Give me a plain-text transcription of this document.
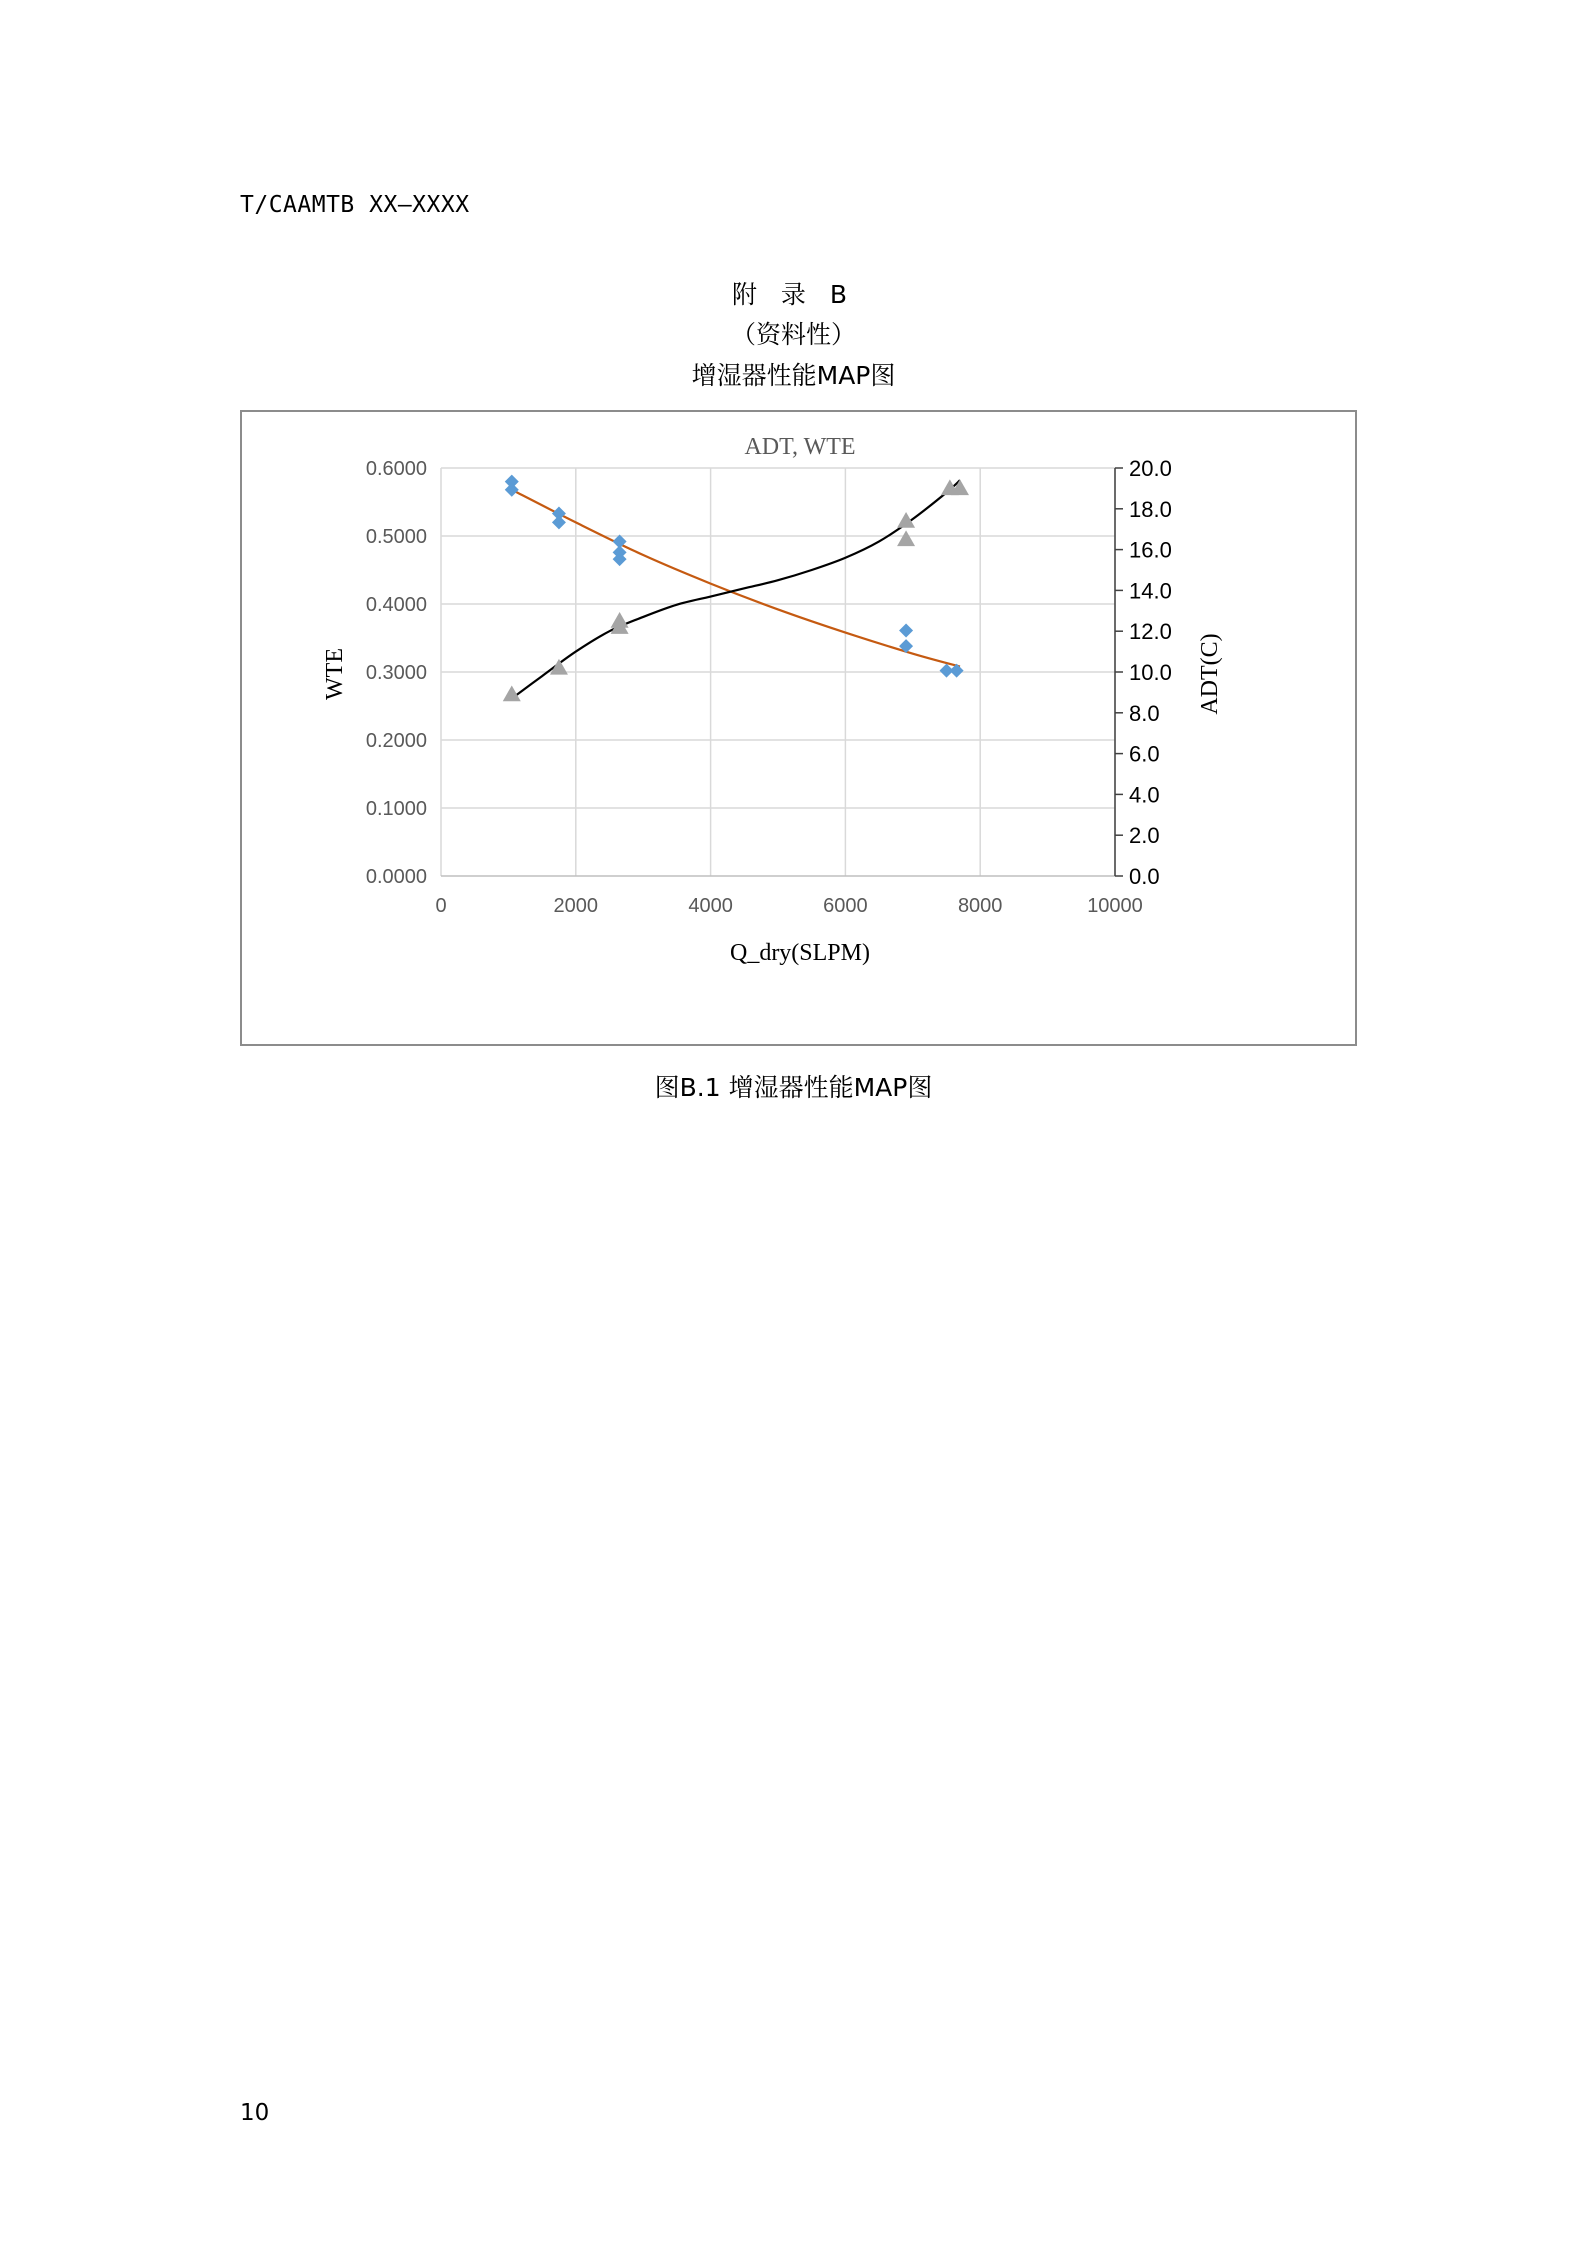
T/CAAMTB XX—XXXX
附 录 B
（资料性）
增湿器性能MAP图
ADT, WTE
Q_dry(SLPM)
WTE	ADT(C)
0	2000	4000	6000	8000	10000
0.0000
0.1000
0.2000
0.3000
0.4000
0.5000
0.6000
0.0
2.0
4.0
6.0
8.0
10.0
12.0
14.0
16.0
18.0
20.0
图B.1 增湿器性能MAP图
10
